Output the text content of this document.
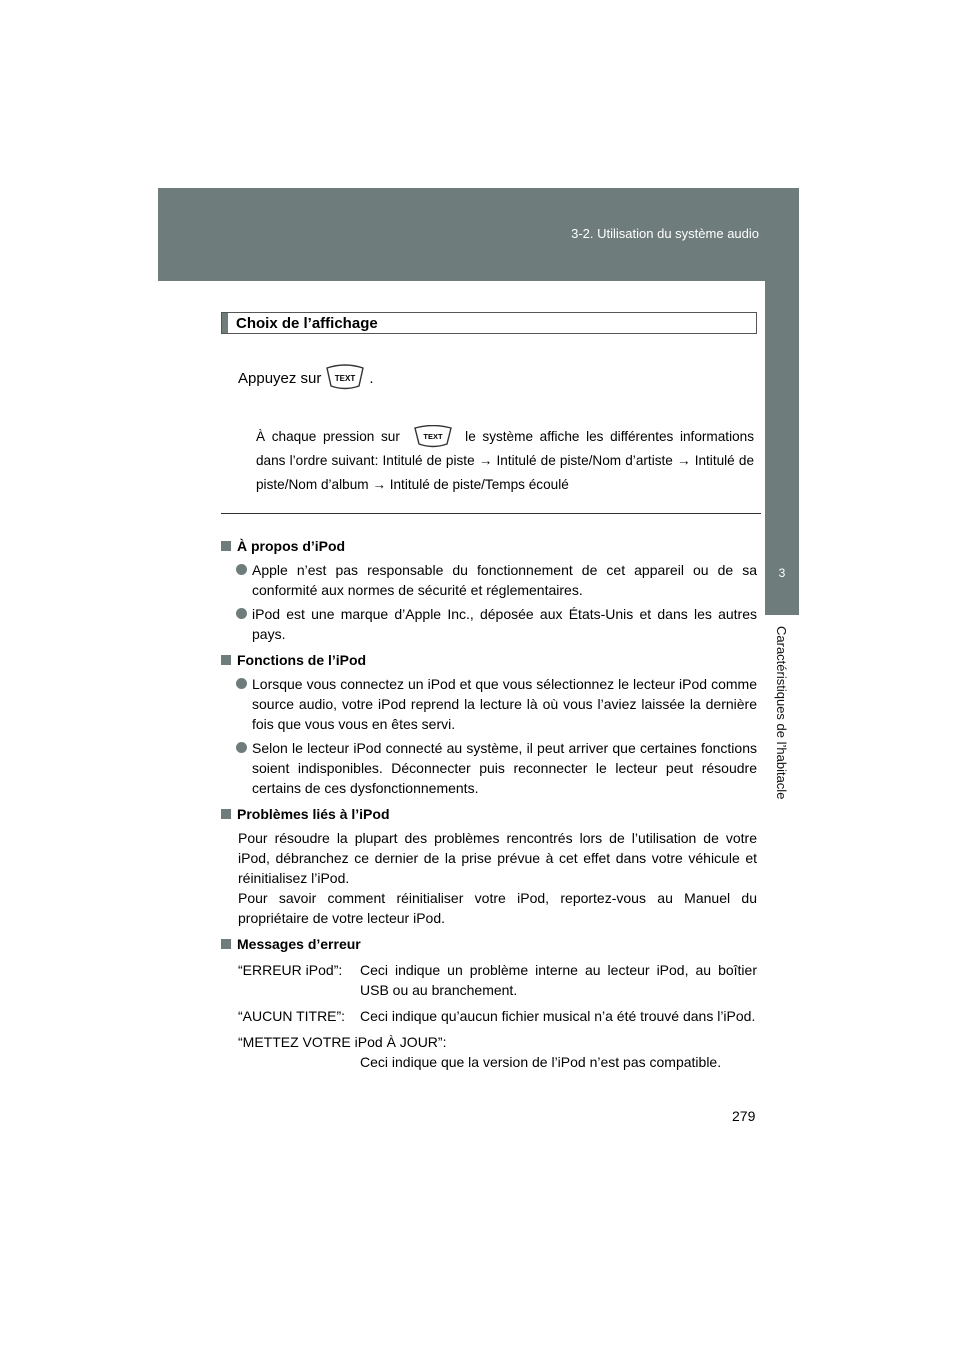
3-2. Utilisation du système audio
3
Caractéristiques de l’habitacle
Choix de l’affichage
Appuyez sur TEXT .
À chaque pression sur	TEXT le système affiche les différentes informations dans l’ordre suivant: Intitulé de piste → Intitulé de piste/Nom d’artiste → Intitulé de piste/Nom d’album → Intitulé de piste/Temps écoulé
À propos d’iPod
Apple n’est pas responsable du fonctionnement de cet appareil ou de sa conformité aux normes de sécurité et réglementaires.
iPod est une marque d’Apple Inc., déposée aux États-Unis et dans les autres pays.
Fonctions de l’iPod
Lorsque vous connectez un iPod et que vous sélectionnez le lecteur iPod comme source audio, votre iPod reprend la lecture là où vous l’aviez laissée la dernière fois que vous vous en êtes servi.
Selon le lecteur iPod connecté au système, il peut arriver que certaines fonctions soient indisponibles. Déconnecter puis reconnecter le lecteur peut résoudre certains de ces dysfonctionnements.
Problèmes liés à l’iPod
Pour résoudre la plupart des problèmes rencontrés lors de l’utilisation de votre iPod, débranchez ce dernier de la prise prévue à cet effet dans votre véhicule et réinitialisez l’iPod.
Pour savoir comment réinitialiser votre iPod, reportez-vous au Manuel du propriétaire de votre lecteur iPod.
Messages d’erreur
“ERREUR iPod”:	Ceci indique un problème interne au lecteur iPod, au boîtier USB ou au branchement.
“AUCUN TITRE”:	Ceci indique qu’aucun fichier musical n’a été trouvé dans l’iPod.
“METTEZ VOTRE iPod À JOUR”:
Ceci indique que la version de l’iPod n’est pas compatible.
279
